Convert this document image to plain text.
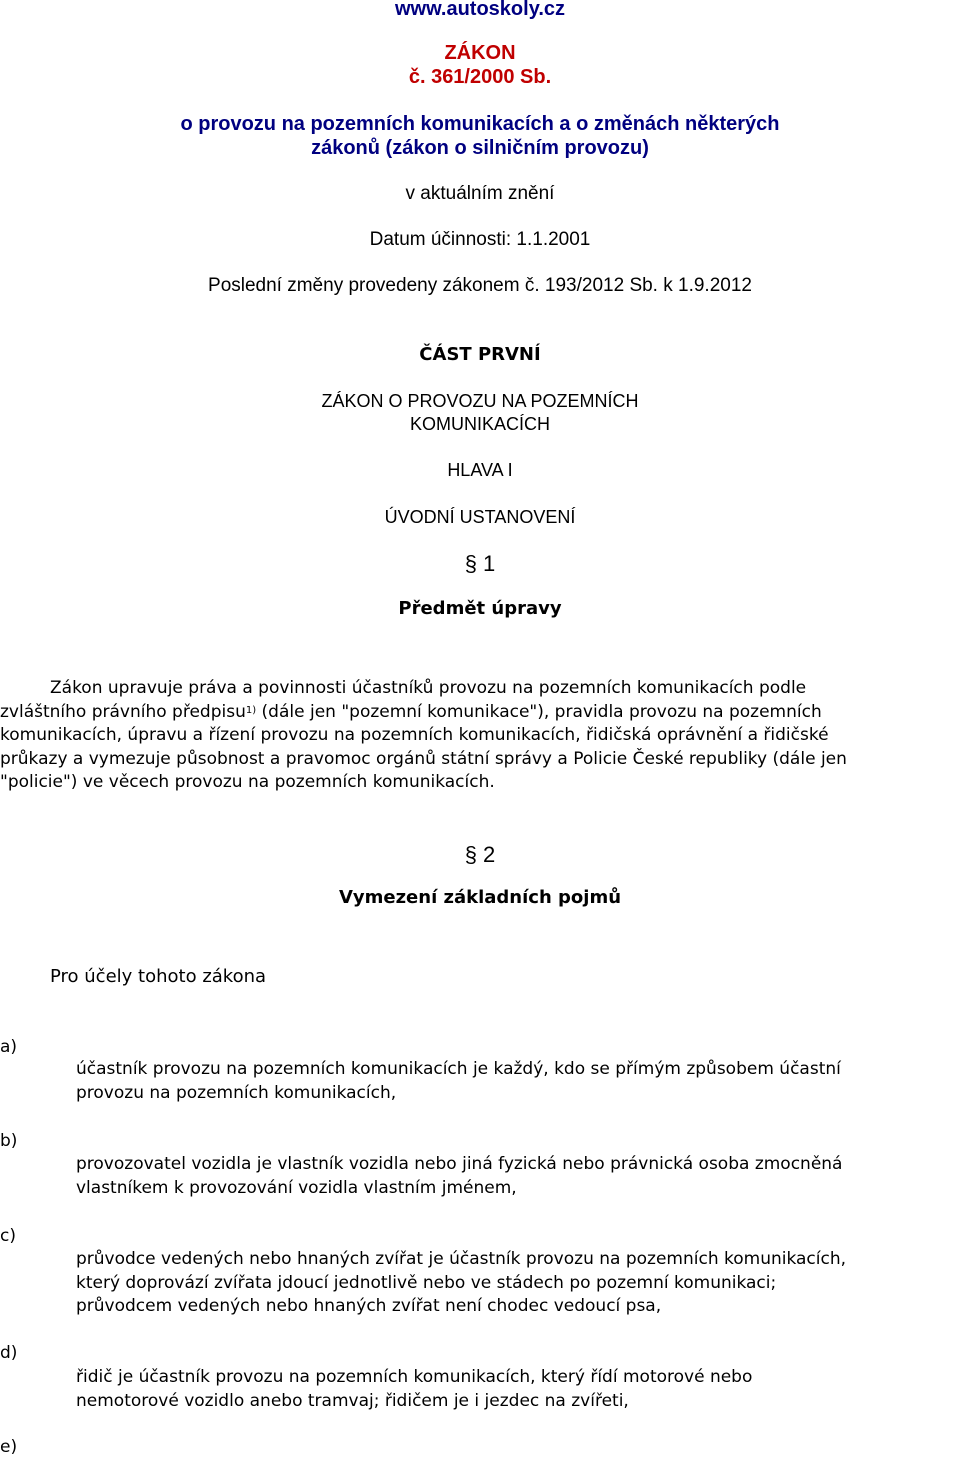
www.autoskoly.cz
ZÁKON
č. 361/2000 Sb.
o provozu na pozemních komunikacích a o změnách některých
zákonů (zákon o silničním provozu)
v aktuálním znění
Datum účinnosti: 1.1.2001
Poslední změny provedeny zákonem č. 193/2012 Sb. k 1.9.2012
ČÁST PRVNÍ
ZÁKON O PROVOZU NA POZEMNÍCH
KOMUNIKACÍCH
HLAVA I
ÚVODNÍ USTANOVENÍ
§ 1
Předmět úpravy
Zákon upravuje práva a povinnosti účastníků provozu na pozemních komunikacích podle
zvláštního právního předpisu$^{1)}$ (dále jen "pozemní komunikace"), pravidla provozu na pozemních
komunikacích, úpravu a řízení provozu na pozemních komunikacích, řidičská oprávnění a řidičské
průkazy a vymezuje působnost a pravomoc orgánů státní správy a Policie České republiky (dále jen
"policie") ve věcech provozu na pozemních komunikacích.
§ 2
Vymezení základních pojmů
Pro účely tohoto zákona
a)
účastník provozu na pozemních komunikacích je každý, kdo se přímým způsobem účastní
provozu na pozemních komunikacích,
b)
provozovatel vozidla je vlastník vozidla nebo jiná fyzická nebo právnická osoba zmocněná
vlastníkem k provozování vozidla vlastním jménem,
c)
průvodce vedených nebo hnaných zvířat je účastník provozu na pozemních komunikacích,
který doprovází zvířata jdoucí jednotlivě nebo ve stádech po pozemní komunikaci;
průvodcem vedených nebo hnaných zvířat není chodec vedoucí psa,
d)
řidič je účastník provozu na pozemních komunikacích, který řídí motorové nebo
nemotorové vozidlo anebo tramvaj; řidičem je i jezdec na zvířeti,
e)
